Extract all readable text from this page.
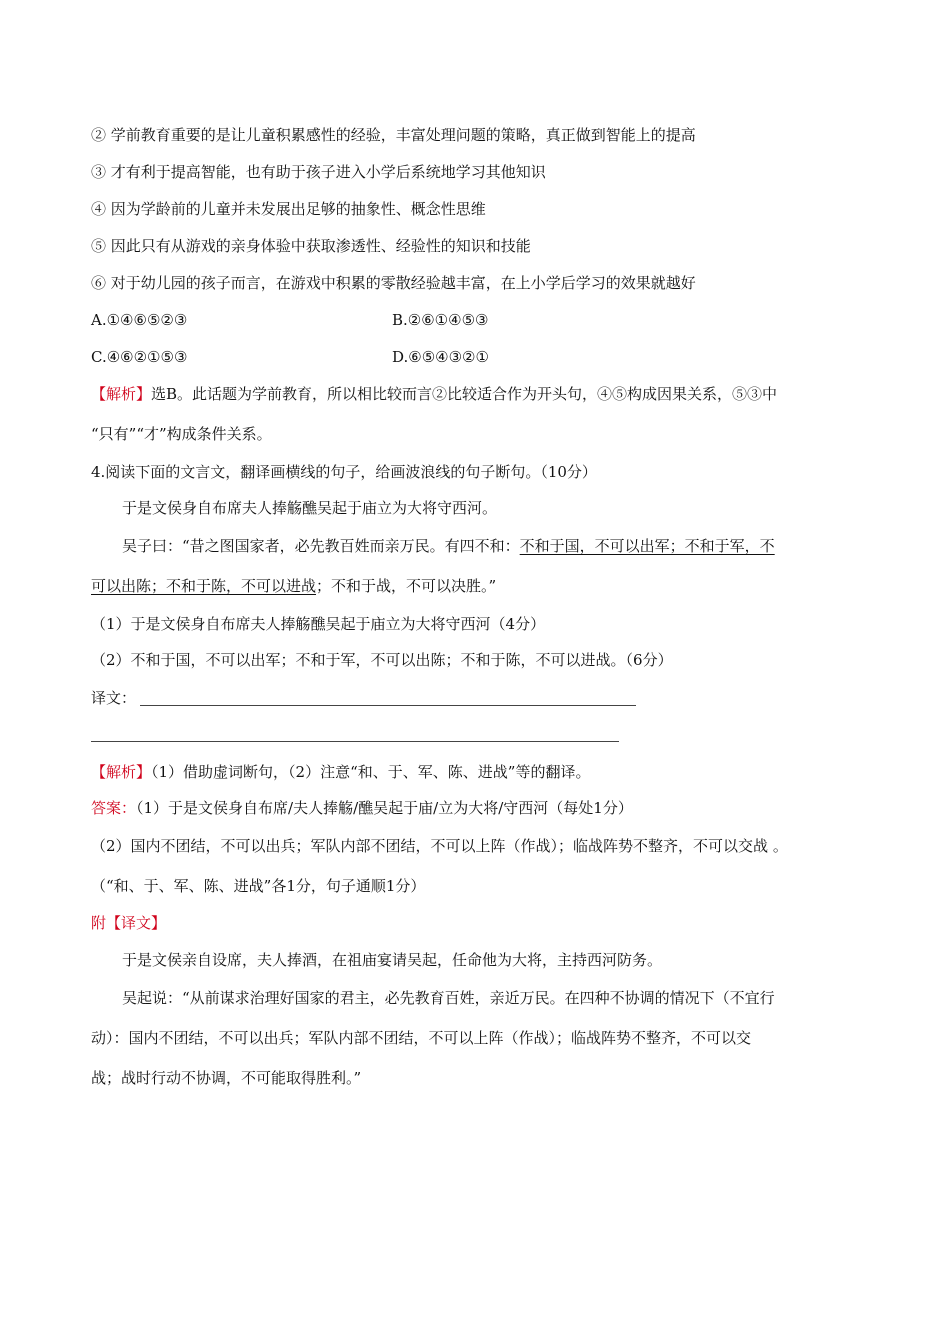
② 学前教育重要的是让儿童积累感性的经验，丰富处理问题的策略，真正做到智能上的提高
③ 才有利于提高智能，也有助于孩子进入小学后系统地学习其他知识
④ 因为学龄前的儿童并未发展出足够的抽象性、概念性思维
⑤ 因此只有从游戏的亲身体验中获取渗透性、经验性的知识和技能
⑥ 对于幼儿园的孩子而言，在游戏中积累的零散经验越丰富，在上小学后学习的效果就越好
A.①④⑥⑤②③	B.②⑥①④⑤③
C.④⑥②①⑤③	D.⑥⑤④③②①
【解析】选B。此话题为学前教育，所以相比较而言②比较适合作为开头句，④⑤构成因果关系，⑤③中
“只有”“才”构成条件关系。
4.阅读下面的文言文，翻译画横线的句子，给画波浪线的句子断句。（10分）
于是文侯身自布席夫人捧觞醮吴起于庙立为大将守西河。
吴子曰：“昔之图国家者，必先教百姓而亲万民。有四不和：不和于国，不可以出军；不和于军，不
可以出陈；不和于陈，不可以进战；不和于战，不可以决胜。”
（1）于是文侯身自布席夫人捧觞醮吴起于庙立为大将守西河（4分）
（2）不和于国，不可以出军；不和于军，不可以出陈；不和于陈，不可以进战。（6分）
译文：
【解析】（1）借助虚词断句，（2）注意“和、于、军、陈、进战”等的翻译。
答案：（1）于是文侯身自布席/夫人捧觞/醮吴起于庙/立为大将/守西河（每处1分）
（2）国内不团结，不可以出兵；军队内部不团结，不可以上阵（作战）；临战阵势不整齐，不可以交战 。
（“和、于、军、陈、进战”各1分，句子通顺1分）
附【译文】
于是文侯亲自设席，夫人捧酒，在祖庙宴请吴起，任命他为大将，主持西河防务。
吴起说：“从前谋求治理好国家的君主，必先教育百姓，亲近万民。在四种不协调的情况下（不宜行
动）：国内不团结，不可以出兵；军队内部不团结，不可以上阵（作战）；临战阵势不整齐，不可以交
战；战时行动不协调，不可能取得胜利。”
